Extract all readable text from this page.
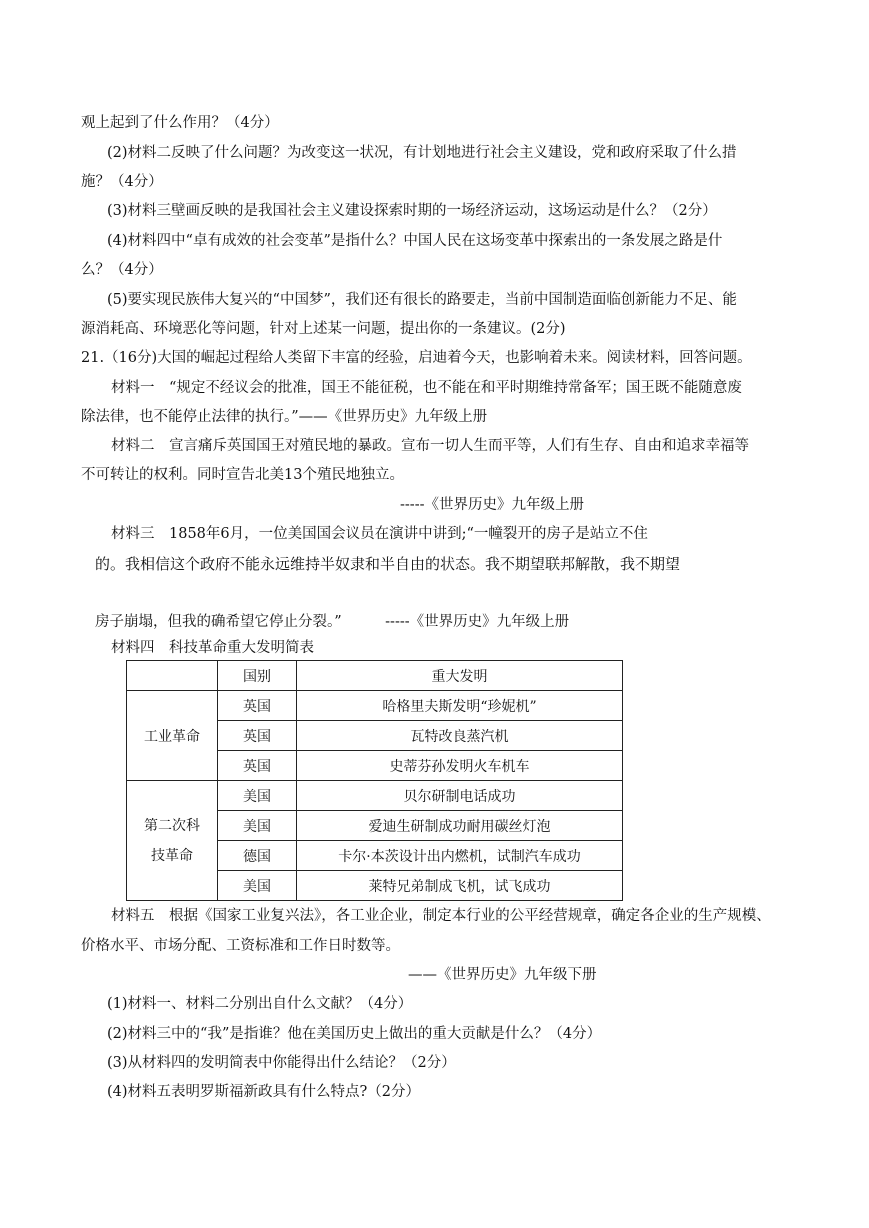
观上起到了什么作用？（4分）
(2)材料二反映了什么问题？为改变这一状况，有计划地进行社会主义建设，党和政府采取了什么措
施？（4分）
(3)材料三壁画反映的是我国社会主义建设探索时期的一场经济运动，这场运动是什么？（2分）
(4)材料四中“卓有成效的社会变革”是指什么？中国人民在这场变革中探索出的一条发展之路是什
么？（4分）
(5)要实现民族伟大复兴的“中国梦”，我们还有很长的路要走，当前中国制造面临创新能力不足、能
源消耗高、环境恶化等问题，针对上述某一问题，提出你的一条建议。(2分)
21.（16分)大国的崛起过程给人类留下丰富的经验，启迪着今天，也影响着未来。阅读材料，回答问题。
材料一　“规定不经议会的批准，国王不能征税，也不能在和平时期维持常备军；国王既不能随意废
除法律，也不能停止法律的执行。”——《世界历史》九年级上册
材料二　宣言痛斥英国国王对殖民地的暴政。宣布一切人生而平等，人们有生存、自由和追求幸福等
不可转让的权利。同时宣告北美13个殖民地独立。
-----《世界历史》九年级上册
材料三　1858年6月，一位美国国会议员在演讲中讲到;“一幢裂开的房子是站立不住
的。我相信这个政府不能永远维持半奴隶和半自由的状态。我不期望联邦解散，我不期望
房子崩塌，但我的确希望它停止分裂。”　　　-----《世界历史》九年级上册
材料四　科技革命重大发明简表
	国别	重大发明
工业革命	英国	哈格里夫斯发明“珍妮机”
	英国	瓦特改良蒸汽机
	英国	史蒂芬孙发明火车机车

第二次科
技革命	美国	贝尔研制电话成功
	美国	爱迪生研制成功耐用碳丝灯泡
	德国	卡尔·本茨设计出内燃机，试制汽车成功
	美国	莱特兄弟制成飞机，试飞成功
材料五　根据《国家工业复兴法》，各工业企业，制定本行业的公平经营规章，确定各企业的生产规模、
价格水平、市场分配、工资标准和工作日时数等。
——《世界历史》九年级下册
(1)材料一、材料二分别出自什么文献？（4分）
(2)材料三中的“我”是指谁？他在美国历史上做出的重大贡献是什么？（4分）
(3)从材料四的发明简表中你能得出什么结论？（2分）
(4)材料五表明罗斯福新政具有什么特点?（2分）
